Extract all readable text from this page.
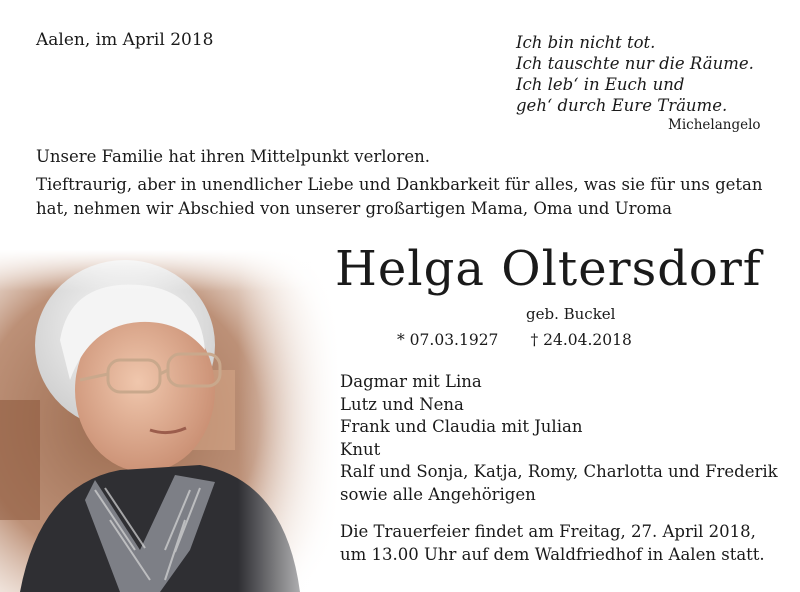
Aalen, im April 2018	Ich bin nicht tot.
Ich tauschte nur die Räume.
Ich leb‘ in Euch und
geh‘ durch Eure Träume.
Michelangelo
Unsere Familie hat ihren Mittelpunkt verloren.
Tieftraurig, aber in unendlicher Liebe und Dankbarkeit für alles, was sie für uns getan hat, nehmen wir Abschied von unserer großartigen Mama, Oma und Uroma
Helga Oltersdorf
geb. Buckel
* 07.03.1927 † 24.04.2018
Dagmar mit Lina
Lutz und Nena
Frank und Claudia mit Julian
Knut
Ralf und Sonja, Katja, Romy, Charlotta und Frederik
sowie alle Angehörigen
Die Trauerfeier findet am Freitag, 27. April 2018,
um 13.00 Uhr auf dem Waldfriedhof in Aalen statt.
